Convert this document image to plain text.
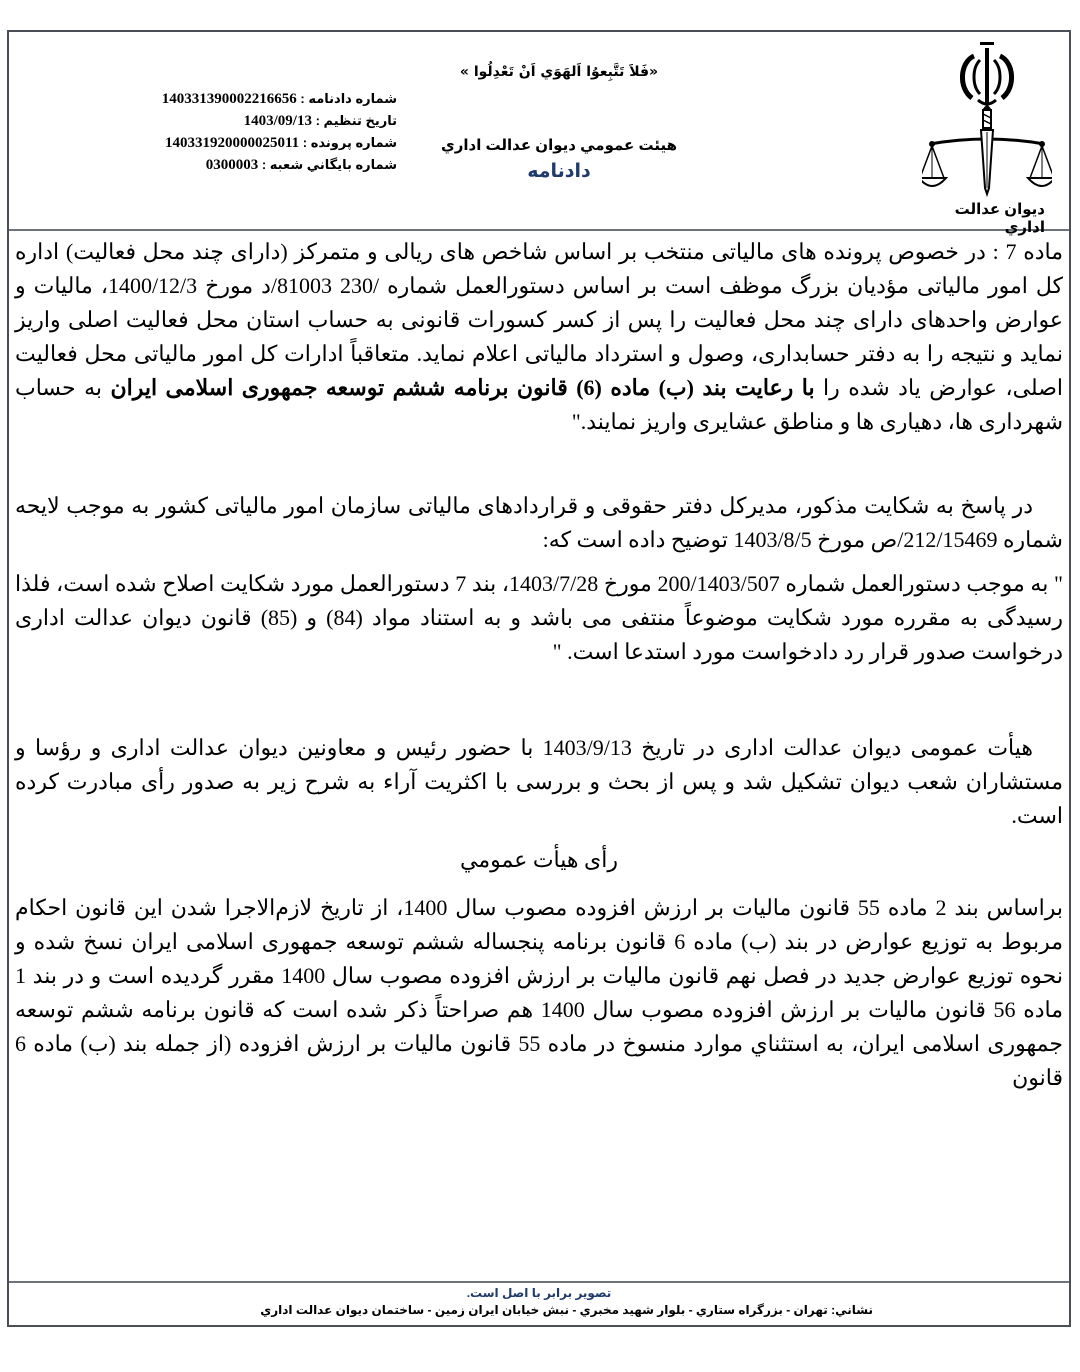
ديوان عدالت اداري
«فَلاَ تَتَّبِعوُا اَلهَوَي اَنْ تَعْدِلُوا »
هيئت عمومي ديوان عدالت اداري
دادنامه
شماره دادنامه : 140331390002216656
تاريخ تنظيم : 1403/09/13
شماره پرونده : 140331920000025011
شماره بايگاني شعبه : 0300003

ماده 7 : در خصوص پرونده های مالیاتی منتخب بر اساس شاخص های ریالی و متمرکز (دارای چند محل فعالیت) اداره کل امور مالیاتی مؤدیان بزرگ موظف است بر اساس دستورالعمل شماره /230 81003/د مورخ 1400/12/3، مالیات و عوارض واحدهای دارای چند محل فعالیت را پس از کسر کسورات قانونی به حساب استان محل فعالیت اصلی واریز نماید و نتیجه را به دفتر حسابداری، وصول و استرداد مالیاتی اعلام نماید. متعاقباً ادارات کل امور مالیاتی محل فعالیت اصلی، عوارض یاد شده را با رعایت بند (ب) ماده (6) قانون برنامه ششم توسعه جمهوری اسلامی ایران به حساب شهرداری ها، دهیاری ها و مناطق عشایری واریز نمایند."

در پاسخ به شکایت مذکور، مدیرکل دفتر حقوقی و قراردادهای مالیاتی سازمان امور مالیاتی کشور به موجب لایحه شماره 212/15469/ص مورخ 1403/8/5 توضیح داده است که:

" به موجب دستورالعمل شماره 200/1403/507 مورخ 1403/7/28، بند 7 دستورالعمل مورد شکایت اصلاح شده است، فلذا رسیدگی به مقرره مورد شکایت موضوعاً منتفی می باشد و به استناد مواد (84) و (85) قانون دیوان عدالت اداری درخواست صدور قرار رد دادخواست مورد استدعا است. "

هیأت عمومی دیوان عدالت اداری در تاریخ 1403/9/13 با حضور رئیس و معاونین دیوان عدالت اداری و رؤسا و مستشاران شعب دیوان تشکیل شد و پس از بحث و بررسی با اکثریت آراء به شرح زیر به صدور رأی مبادرت کرده است.

رأی هیأت عمومي

براساس بند 2 ماده 55 قانون مالیات بر ارزش افزوده مصوب سال 1400، از تاریخ لازم‌الاجرا شدن این قانون احکام مربوط به توزیع عوارض در بند (ب) ماده 6 قانون برنامه پنجساله ششم توسعه جمهوری اسلامی ایران نسخ شده و نحوه توزیع عوارض جدید در فصل نهم قانون مالیات بر ارزش افزوده مصوب سال 1400 مقرر گردیده است و در بند 1 ماده 56 قانون مالیات بر ارزش افزوده مصوب سال 1400 هم صراحتاً ذکر شده است که قانون برنامه ششم توسعه جمهوری اسلامی ایران، به استثناي موارد منسوخ در ماده 55 قانون مالیات بر ارزش افزوده (از جمله بند (ب) ماده 6 قانون

تصوير برابر با اصل است.
نشاني: تهران - بزرگراه ستاري - بلوار شهيد مخبري - نبش خيابان ايران زمين - ساختمان ديوان عدالت اداري
